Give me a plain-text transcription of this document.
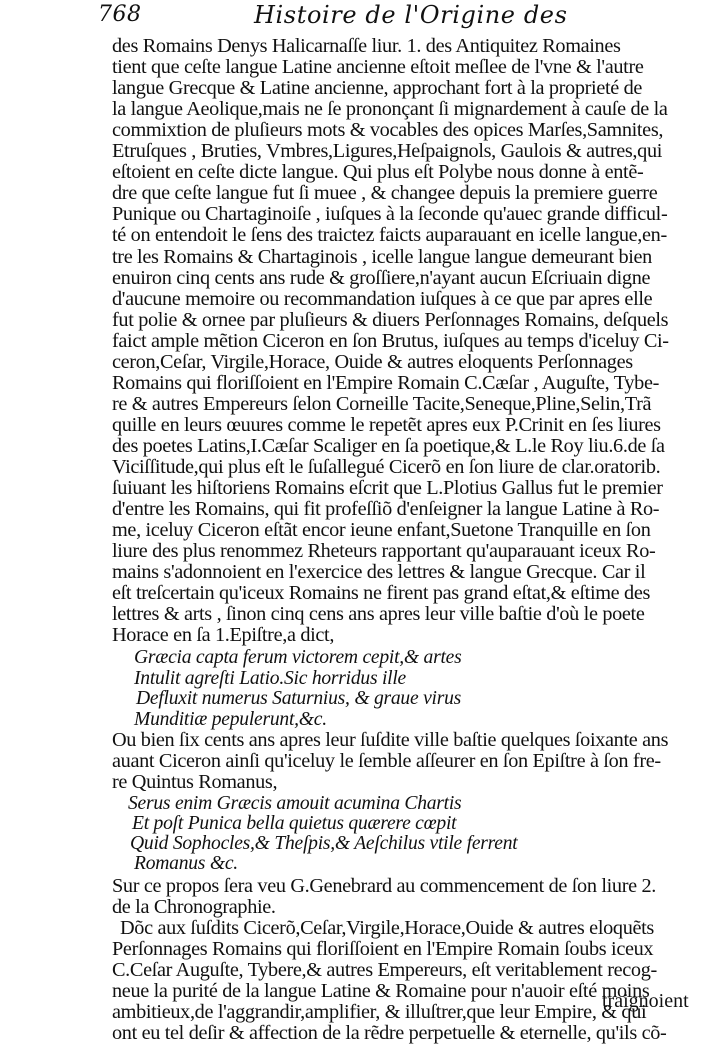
768	Histoire de l'Origine des
des Romains Denys Halicarnaſſe liur. 1. des Antiquitez Romaines
tient que ceſte langue Latine ancienne eſtoit meſlee de l'vne & l'autre
langue Grecque & Latine ancienne, approchant fort à la proprieté de
la langue Aeolique,mais ne ſe prononçant ſi mignardement à cauſe de la
commixtion de pluſieurs mots & vocables des opices Marſes,Samnites,
Etruſques , Bruties, Vmbres,Ligures,Heſpaignols, Gaulois & autres,qui
eſtoient en ceſte dicte langue. Qui plus eſt Polybe nous donne à entẽ-
dre que ceſte langue fut ſi muee , & changee depuis la premiere guerre
Punique ou Chartaginoiſe , iuſques à la ſeconde qu'auec grande difficul-
té on entendoit le ſens des traictez faicts auparauant en icelle langue,en-
tre les Romains & Chartaginois , icelle langue langue demeurant bien
enuiron cinq cents ans rude & groſſiere,n'ayant aucun Eſcriuain digne
d'aucune memoire ou recommandation iuſques à ce que par apres elle
fut polie & ornee par pluſieurs & diuers Perſonnages Romains, deſquels
faict ample mẽtion Ciceron en ſon Brutus, iuſques au temps d'iceluy Ci-
ceron,Ceſar, Virgile,Horace, Ouide & autres eloquents Perſonnages
Romains qui floriſſoient en l'Empire Romain C.Cæſar , Auguſte, Tybe-
re & autres Empereurs ſelon Corneille Tacite,Seneque,Pline,Selin,Trã
quille en leurs œuures comme le repetẽt apres eux P.Crinit en ſes liures
des poetes Latins,I.Cæſar Scaliger en ſa poetique,& L.le Roy liu.6.de ſa
Viciſſitude,qui plus eſt le ſuſallegué Cicerõ en ſon liure de clar.oratorib.
ſuiuant les hiſtoriens Romains eſcrit que L.Plotius Gallus fut le premier
d'entre les Romains, qui fit profeſſiõ d'enſeigner la langue Latine à Ro-
me, iceluy Ciceron eſtãt encor ieune enfant,Suetone Tranquille en ſon
liure des plus renommez Rheteurs rapportant qu'auparauant iceux Ro-
mains s'adonnoient en l'exercice des lettres & langue Grecque. Car il
eſt treſcertain qu'iceux Romains ne firent pas grand eſtat,& eſtime des
lettres & arts , ſinon cinq cens ans apres leur ville baſtie d'où le poete
Horace en ſa 1.Epiſtre,a dict,
Græcia capta ferum victorem cepit,& artes
Intulit agreſti Latio.Sic horridus ille
Defluxit numerus Saturnius, & graue virus
Munditiæ pepulerunt,&c.
Ou bien ſix cents ans apres leur ſuſdite ville baſtie quelques ſoixante ans
auant Ciceron ainſi qu'iceluy le ſemble aſſeurer en ſon Epiſtre à ſon fre-
re Quintus Romanus,
Serus enim Græcis amouit acumina Chartis
Et poſt Punica bella quietus quærere cœpit
Quid Sophocles,& Theſpis,& Aeſchilus vtile ferrent
Romanus &c.
Sur ce propos ſera veu G.Genebrard au commencement de ſon liure 2.
de la Chronographie.
Dõc aux ſuſdits Cicerõ,Ceſar,Virgile,Horace,Ouide & autres eloquẽts
Perſonnages Romains qui floriſſoient en l'Empire Romain ſoubs iceux
C.Ceſar Auguſte, Tybere,& autres Empereurs, eſt veritablement recog-
neue la purité de la langue Latine & Romaine pour n'auoir eſté moins
ambitieux,de l'aggrandir,amplifier, & illuſtrer,que leur Empire, & qui
ont eu tel deſir & affection de la rẽdre perpetuelle & eternelle, qu'ils cõ-
traignoient
